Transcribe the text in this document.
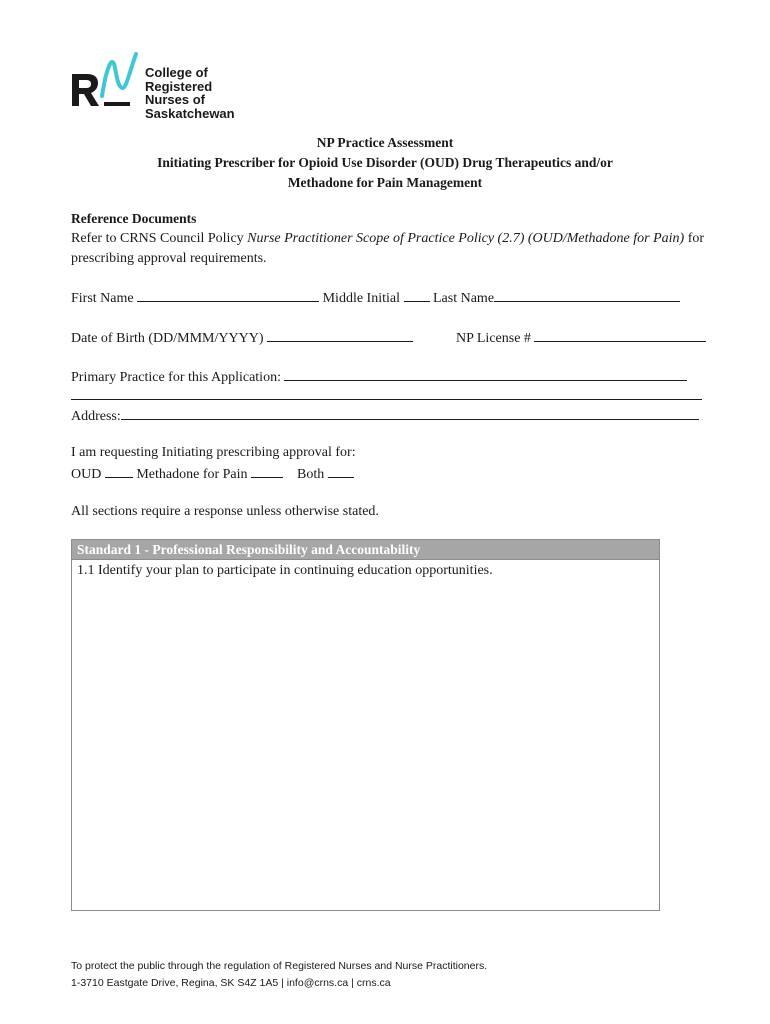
College of
Registered
Nurses of
Saskatchewan
NP Practice Assessment
Initiating Prescriber for Opioid Use Disorder (OUD) Drug Therapeutics and/or
Methadone for Pain Management
Reference Documents
Refer to CRNS Council Policy Nurse Practitioner Scope of Practice Policy (2.7) (OUD/Methadone for Pain) for
prescribing approval requirements.
First Name	Middle Initial Last Name
Date of Birth (DD/MMM/YYYY)	NP License #
Primary Practice for this Application:
Address:
I am requesting Initiating prescribing approval for:
OUD	Methadone for Pain	Both
All sections require a response unless otherwise stated.
Standard 1 - Professional Responsibility and Accountability
1.1 Identify your plan to participate in continuing education opportunities.
To protect the public through the regulation of Registered Nurses and Nurse Practitioners.
1-3710 Eastgate Drive, Regina, SK S4Z 1A5 | info@crns.ca | crns.ca
